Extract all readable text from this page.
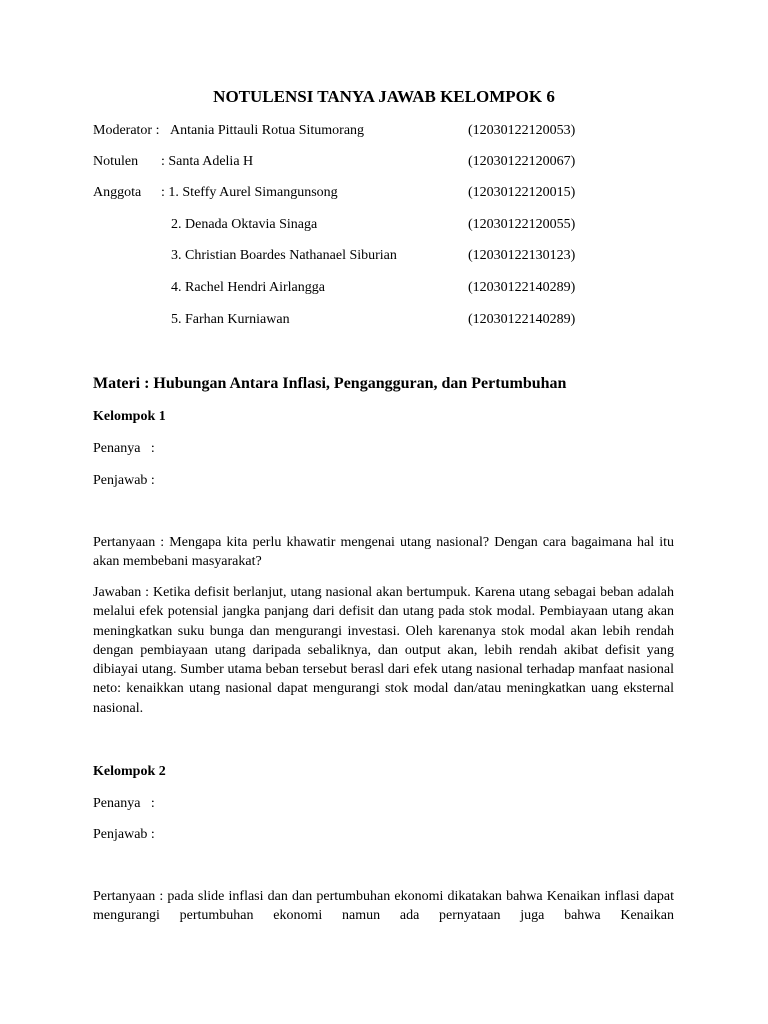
NOTULENSI TANYA JAWAB KELOMPOK 6
Moderator : Antania Pittauli Rotua Situmorang	(12030122120053)
Notulen : Santa Adelia H	(12030122120067)
Anggota : 1. Steffy Aurel Simangunsong	(12030122120015)
2. Denada Oktavia Sinaga	(12030122120055)
3. Christian Boardes Nathanael Siburian	(12030122130123)
4. Rachel Hendri Airlangga	(12030122140289)
5. Farhan Kurniawan	(12030122140289)
Materi : Hubungan Antara Inflasi, Pengangguran, dan Pertumbuhan
Kelompok 1
Penanya   :
Penjawab :

Pertanyaan : Mengapa kita perlu khawatir mengenai utang nasional? Dengan cara bagaimana hal itu akan membebani masyarakat?

Jawaban : Ketika defisit berlanjut, utang nasional akan bertumpuk. Karena utang sebagai beban adalah melalui efek potensial jangka panjang dari defisit dan utang pada stok modal. Pembiayaan utang akan meningkatkan suku bunga dan mengurangi investasi. Oleh karenanya stok modal akan lebih rendah dengan pembiayaan utang daripada sebaliknya, dan output akan, lebih rendah akibat defisit yang dibiayai utang. Sumber utama beban tersebut berasl dari efek utang nasional terhadap manfaat nasional neto: kenaikkan utang nasional dapat mengurangi stok modal dan/atau meningkatkan uang eksternal nasional.

Kelompok 2
Penanya   :
Penjawab :

Pertanyaan : pada slide inflasi dan dan pertumbuhan ekonomi dikatakan bahwa Kenaikan inflasi dapat mengurangi pertumbuhan ekonomi namun ada pernyataan juga bahwa Kenaikan
